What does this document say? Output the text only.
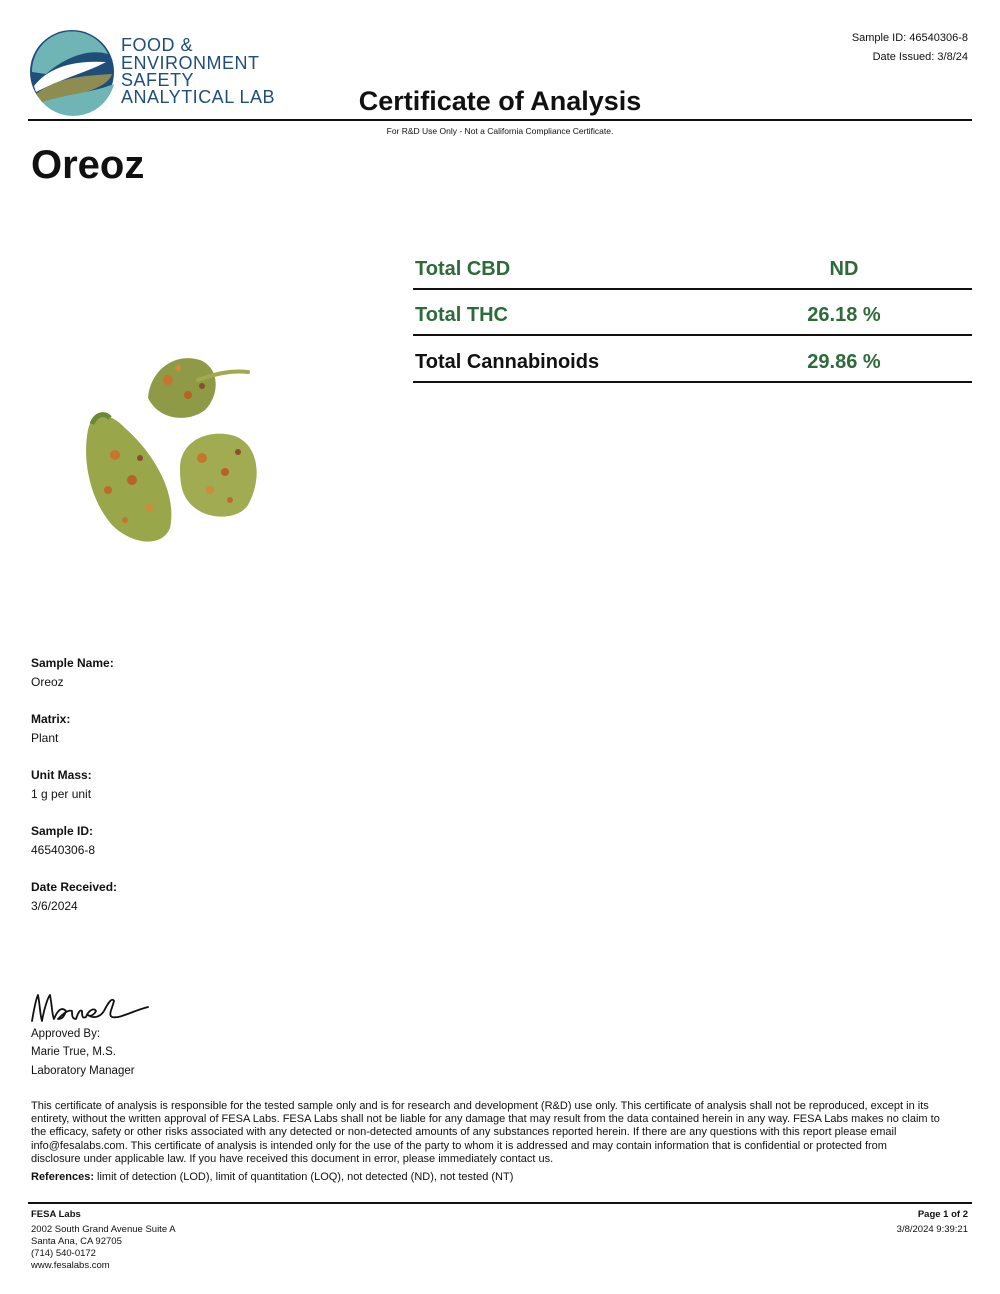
FOOD &
ENVIRONMENT
SAFETY
ANALYTICAL LAB
Sample ID: 46540306-8
Date Issued: 3/8/24
Certificate of Analysis
For R&D Use Only - Not a California Compliance Certificate.
Oreoz
Total CBD	ND
Total THC	26.18 %
Total Cannabinoids	29.86 %
Sample Name:
Oreoz
Matrix:
Plant
Unit Mass:
1 g per unit
Sample ID:
46540306-8
Date Received:
3/6/2024
Approved By:
Marie True, M.S.
Laboratory Manager
This certificate of analysis is responsible for the tested sample only and is for research and development (R&D) use only. This certificate of analysis shall not be reproduced, except in its
entirety, without the written approval of FESA Labs. FESA Labs shall not be liable for any damage that may result from the data contained herein in any way. FESA Labs makes no claim to
the efficacy, safety or other risks associated with any detected or non-detected amounts of any substances reported herein. If there are any questions with this report please email
info@fesalabs.com. This certificate of analysis is intended only for the use of the party to whom it is addressed and may contain information that is confidential or protected from
disclosure under applicable law. If you have received this document in error, please immediately contact us.
References: limit of detection (LOD), limit of quantitation (LOQ), not detected (ND), not tested (NT)
FESA Labs
2002 South Grand Avenue Suite A
Santa Ana, CA 92705
(714) 540-0172
www.fesalabs.com
Page 1 of 2
3/8/2024 9:39:21
